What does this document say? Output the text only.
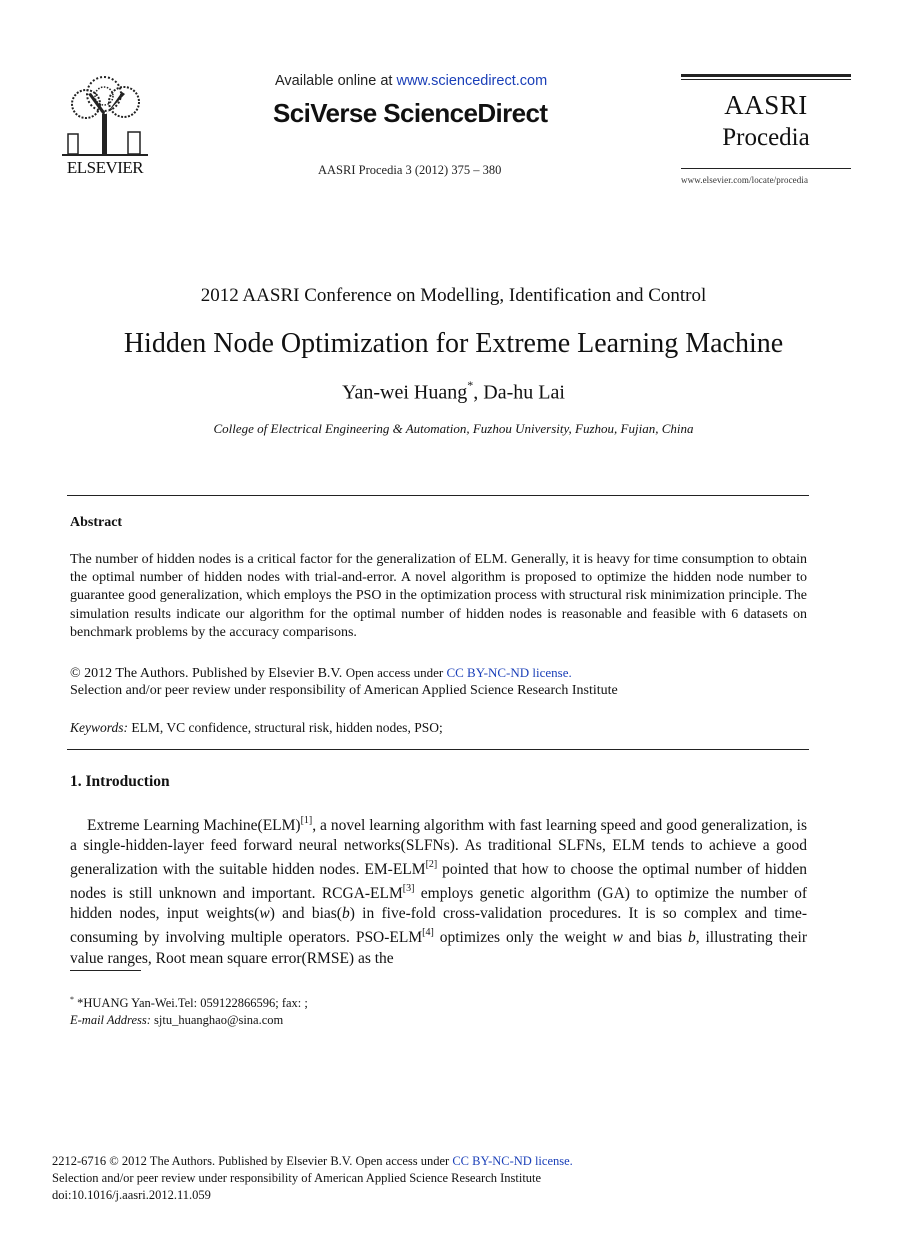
ELSEVIER
Available online at www.sciencedirect.com
SciVerse ScienceDirect
AASRI Procedia 3 (2012) 375 – 380
AASRI
Procedia
www.elsevier.com/locate/procedia
2012 AASRI Conference on Modelling, Identification and Control
Hidden Node Optimization for Extreme Learning Machine
Yan-wei Huang*, Da-hu Lai
College of Electrical Engineering & Automation, Fuzhou University, Fuzhou, Fujian, China
Abstract
The number of hidden nodes is a critical factor for the generalization of ELM. Generally, it is heavy for time consumption to obtain the optimal number of hidden nodes with trial-and-error. A novel algorithm is proposed to optimize the hidden node number to guarantee good generalization, which employs the PSO in the optimization process with structural risk minimization principle. The simulation results indicate our algorithm for the optimal number of hidden nodes is reasonable and feasible with 6 datasets on benchmark problems by the accuracy comparisons.
© 2012 The Authors. Published by Elsevier B.V. Open access under CC BY-NC-ND license.
Selection and/or peer review under responsibility of American Applied Science Research Institute
Keywords: ELM, VC confidence, structural risk, hidden nodes, PSO;
1. Introduction

Extreme Learning Machine(ELM)[1], a novel learning algorithm with fast learning speed and good generalization, is a single-hidden-layer feed forward neural networks(SLFNs). As traditional SLFNs, ELM tends to achieve a good generalization with the suitable hidden nodes. EM-ELM[2] pointed that how to choose the optimal number of hidden nodes is still unknown and important. RCGA-ELM[3] employs genetic algorithm (GA) to optimize the number of hidden nodes, input weights(w) and bias(b) in five-fold cross-validation procedures. It is so complex and time-consuming by involving multiple operators. PSO-ELM[4] optimizes only the weight w and bias b, illustrating their value ranges, Root mean square error(RMSE) as the

* *HUANG Yan-Wei.Tel: 059122866596; fax: ;
E-mail Address: sjtu_huanghao@sina.com
2212-6716 © 2012 The Authors. Published by Elsevier B.V. Open access under CC BY-NC-ND license.
Selection and/or peer review under responsibility of American Applied Science Research Institute
doi:10.1016/j.aasri.2012.11.059
